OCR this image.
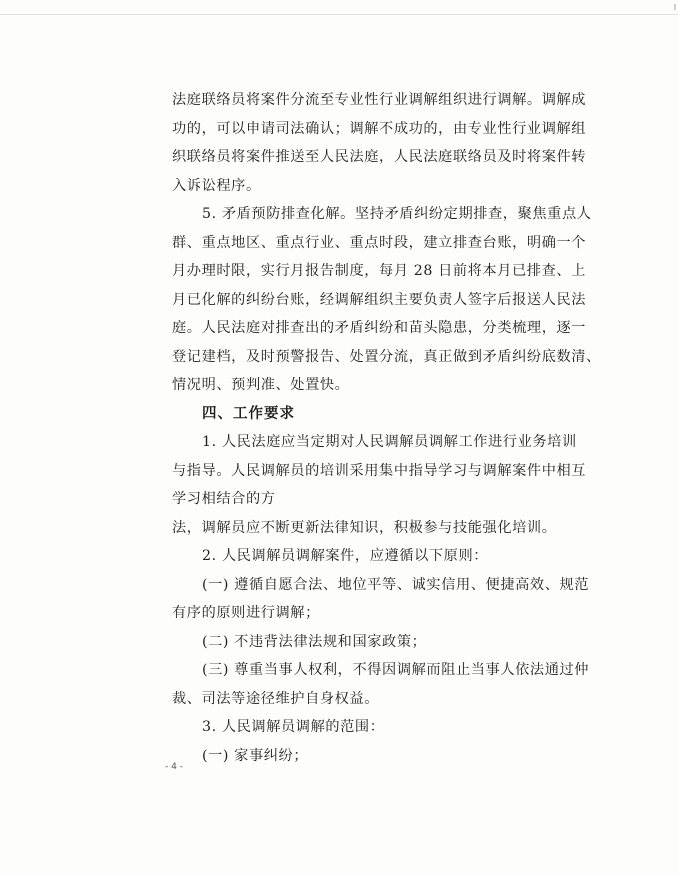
法庭联络员将案件分流至专业性行业调解组织进行调解。调解成
功的，可以申请司法确认；调解不成功的，由专业性行业调解组
织联络员将案件推送至人民法庭，人民法庭联络员及时将案件转
入诉讼程序。
5. 矛盾预防排查化解。坚持矛盾纠纷定期排查，聚焦重点人
群、重点地区、重点行业、重点时段，建立排查台账，明确一个
月办理时限，实行月报告制度，每月 28 日前将本月已排查、上
月已化解的纠纷台账，经调解组织主要负责人签字后报送人民法
庭。人民法庭对排查出的矛盾纠纷和苗头隐患，分类梳理，逐一
登记建档，及时预警报告、处置分流，真正做到矛盾纠纷底数清、
情况明、预判准、处置快。
四、工作要求
1. 人民法庭应当定期对人民调解员调解工作进行业务培训
与指导。人民调解员的培训采用集中指导学习与调解案件中相互
学习相结合的方
法，调解员应不断更新法律知识，积极参与技能强化培训。
2. 人民调解员调解案件，应遵循以下原则：
(一) 遵循自愿合法、地位平等、诚实信用、便捷高效、规范
有序的原则进行调解；
(二) 不违背法律法规和国家政策；
(三) 尊重当事人权利，不得因调解而阻止当事人依法通过仲
裁、司法等途径维护自身权益。
3. 人民调解员调解的范围：
(一) 家事纠纷；
- 4 -
